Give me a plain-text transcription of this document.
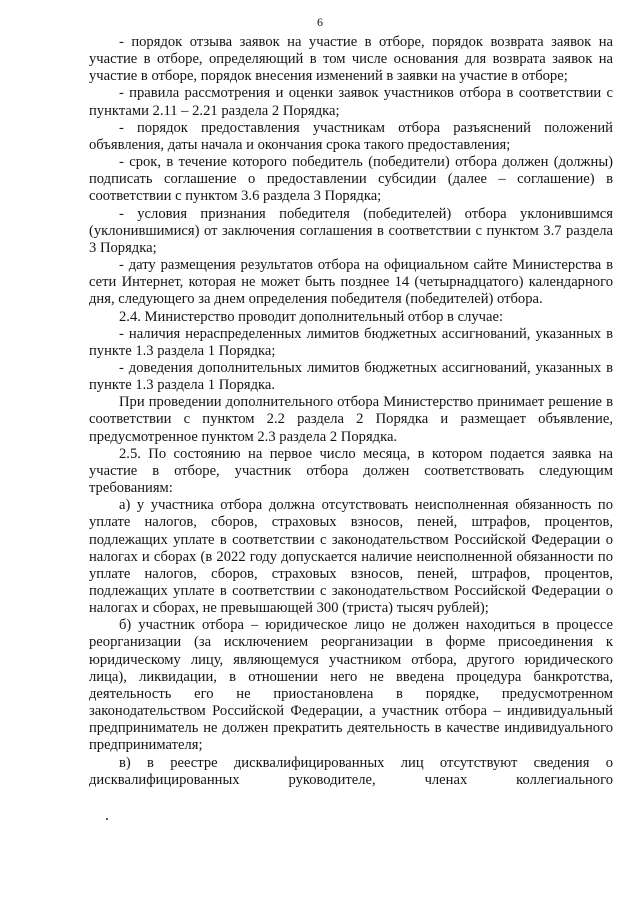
6

- порядок отзыва заявок на участие в отборе, порядок возврата заявок на участие в отборе, определяющий в том числе основания для возврата заявок на участие в отборе, порядок внесения изменений в заявки на участие в отборе;

- правила рассмотрения и оценки заявок участников отбора в соответствии с пунктами 2.11 – 2.21 раздела 2 Порядка;

- порядок предоставления участникам отбора разъяснений положений объявления, даты начала и окончания срока такого предоставления;

- срок, в течение которого победитель (победители) отбора должен (должны) подписать соглашение о предоставлении субсидии (далее – соглашение) в соответствии с пунктом 3.6 раздела 3 Порядка;

- условия признания победителя (победителей) отбора уклонившимся (уклонившимися) от заключения соглашения в соответствии с пунктом 3.7 раздела 3 Порядка;

- дату размещения результатов отбора на официальном сайте Министерства в сети Интернет, которая не может быть позднее 14 (четырнадцатого) календарного дня, следующего за днем определения победителя (победителей) отбора.

2.4. Министерство проводит дополнительный отбор в случае:

- наличия нераспределенных лимитов бюджетных ассигнований, указанных в пункте 1.3 раздела 1 Порядка;

- доведения дополнительных лимитов бюджетных ассигнований, указанных в пункте 1.3 раздела 1 Порядка.

При проведении дополнительного отбора Министерство принимает решение в соответствии с пунктом 2.2 раздела 2 Порядка и размещает объявление, предусмотренное пунктом 2.3 раздела 2 Порядка.

2.5. По состоянию на первое число месяца, в котором подается заявка на участие в отборе, участник отбора должен соответствовать следующим требованиям:

а) у участника отбора должна отсутствовать неисполненная обязанность по уплате налогов, сборов, страховых взносов, пеней, штрафов, процентов, подлежащих уплате в соответствии с законодательством Российской Федерации о налогах и сборах (в 2022 году допускается наличие неисполненной обязанности по уплате налогов, сборов, страховых взносов, пеней, штрафов, процентов, подлежащих уплате в соответствии с законодательством Российской Федерации о налогах и сборах, не превышающей 300 (триста) тысяч рублей);

б) участник отбора – юридическое лицо не должен находиться в процессе реорганизации (за исключением реорганизации в форме присоединения к юридическому лицу, являющемуся участником отбора, другого юридического лица), ликвидации, в отношении него не введена процедура банкротства, деятельность его не приостановлена в порядке, предусмотренном законодательством Российской Федерации, а участник отбора – индивидуальный предприниматель не должен прекратить деятельность в качестве индивидуального предпринимателя;

в) в реестре дисквалифицированных лиц отсутствуют сведения о дисквалифицированных руководителе, членах коллегиального
